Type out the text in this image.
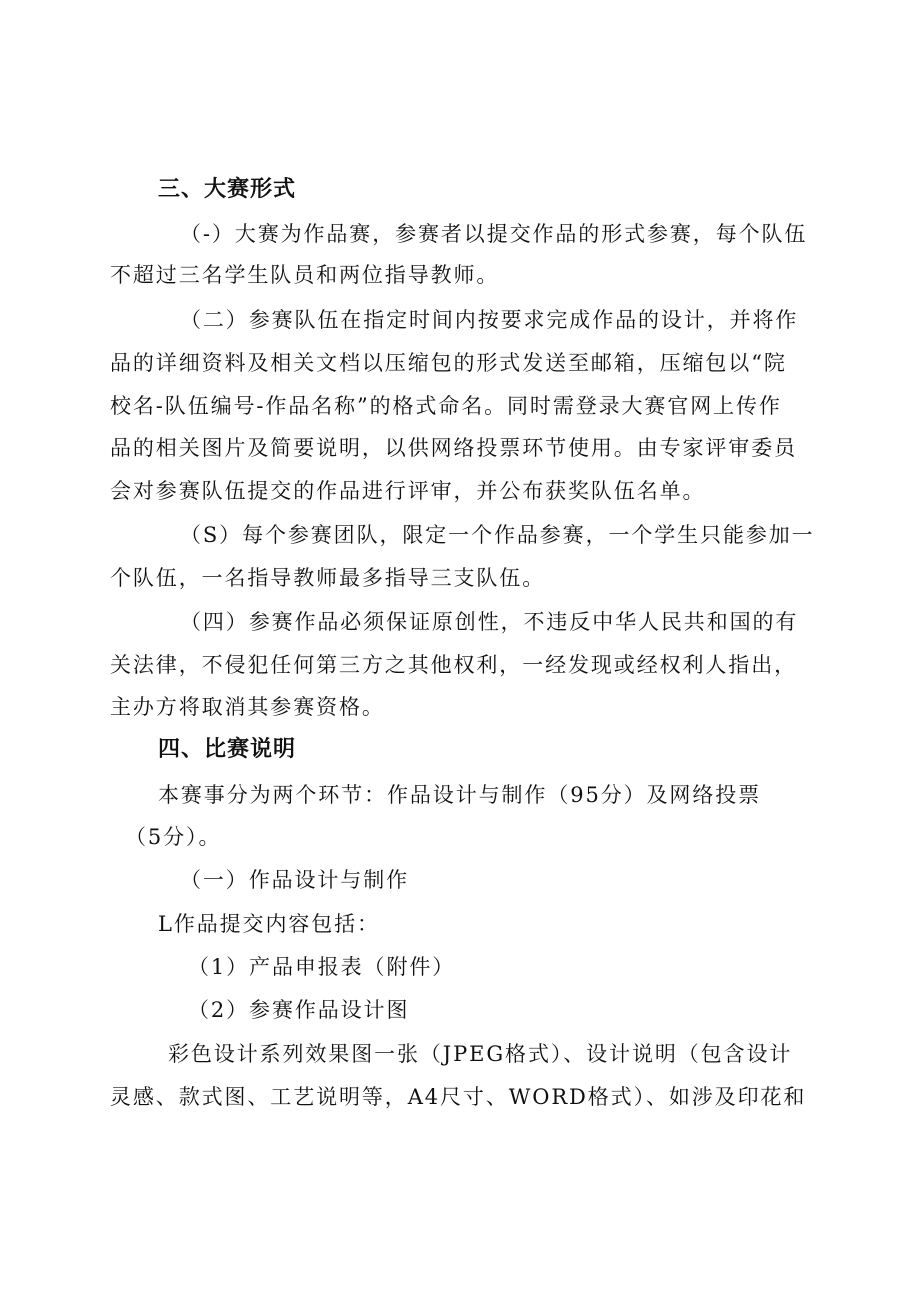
三、大赛形式
（-）大赛为作品赛，参赛者以提交作品的形式参赛，每个队伍
不超过三名学生队员和两位指导教师。
（二）参赛队伍在指定时间内按要求完成作品的设计，并将作
品的详细资料及相关文档以压缩包的形式发送至邮箱，压缩包以“院
校名-队伍编号-作品名称”的格式命名。同时需登录大赛官网上传作
品的相关图片及简要说明，以供网络投票环节使用。由专家评审委员
会对参赛队伍提交的作品进行评审，并公布获奖队伍名单。
（S）每个参赛团队，限定一个作品参赛，一个学生只能参加一
个队伍，一名指导教师最多指导三支队伍。
（四）参赛作品必须保证原创性，不违反中华人民共和国的有
关法律，不侵犯任何第三方之其他权利，一经发现或经权利人指出，
主办方将取消其参赛资格。
四、比赛说明
本赛事分为两个环节：作品设计与制作（95分）及网络投票
（5分）。
（一）作品设计与制作
L作品提交内容包括：
（1）产品申报表（附件）
（2）参赛作品设计图
彩色设计系列效果图一张（JPEG格式）、设计说明（包含设计
灵感、款式图、工艺说明等，A4尺寸、WORD格式）、如涉及印花和
